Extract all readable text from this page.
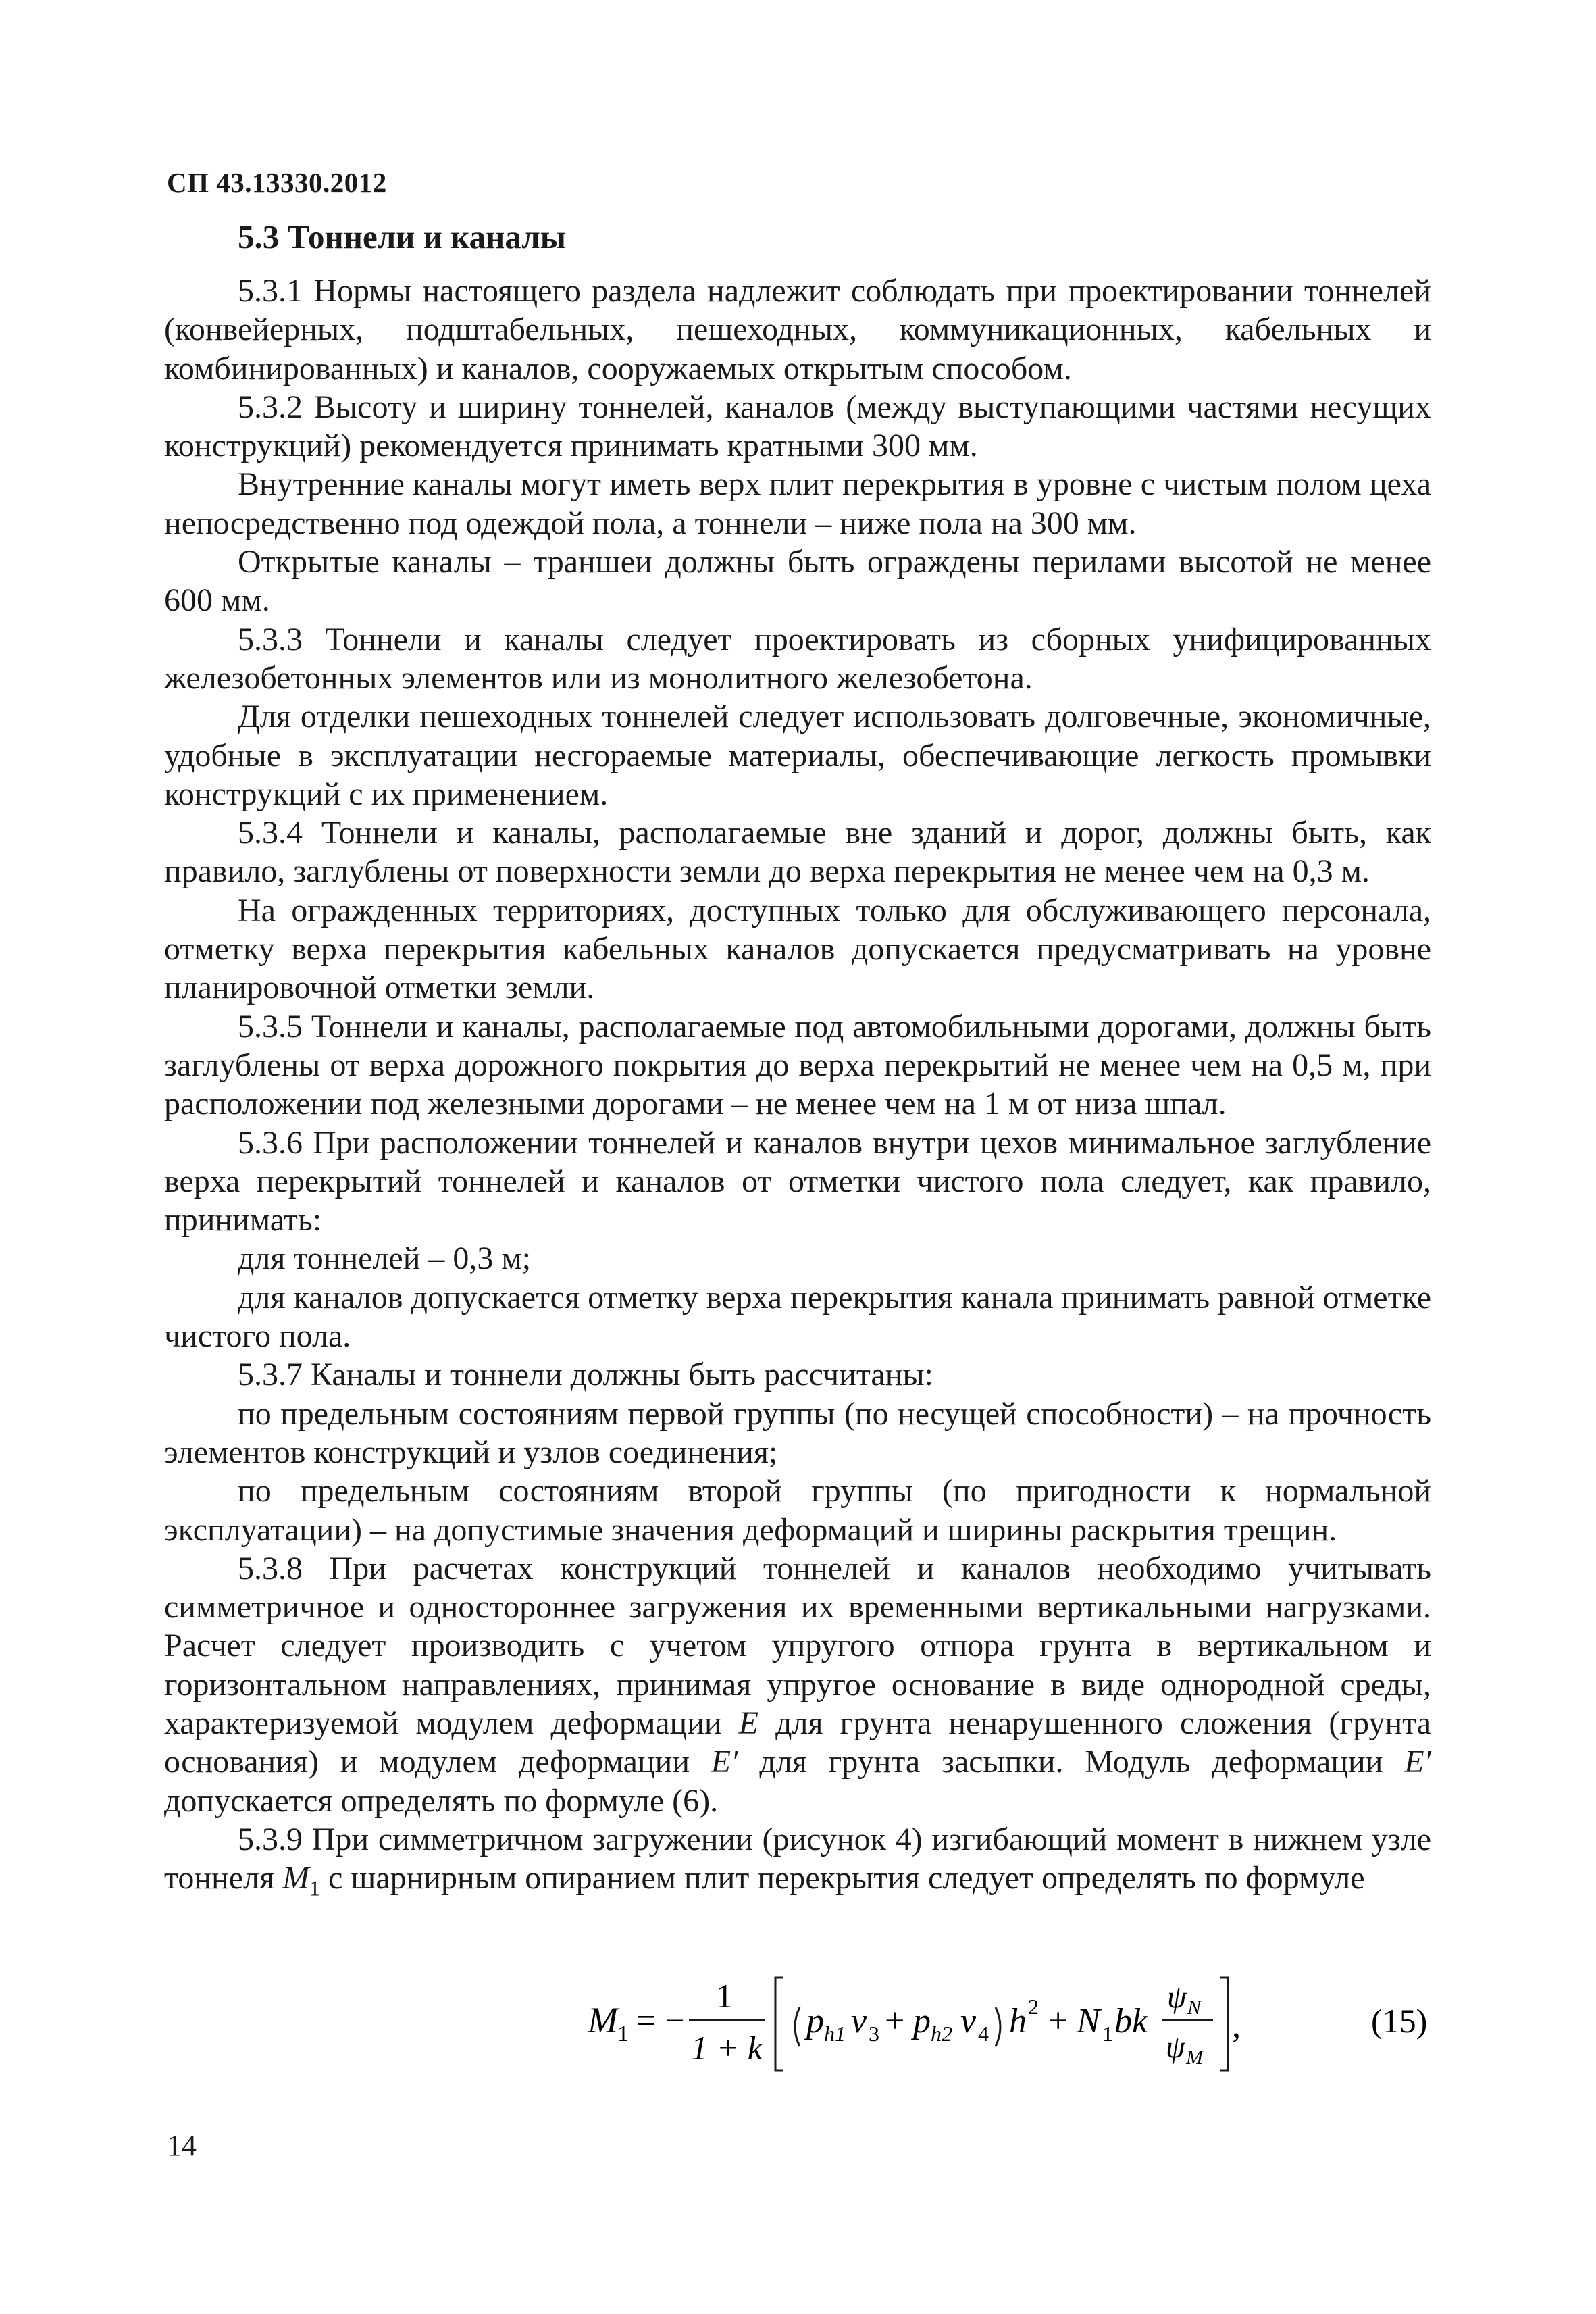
СП 43.13330.2012
5.3 Тоннели и каналы

5.3.1 Нормы настоящего раздела надлежит соблюдать при проектировании тоннелей (конвейерных, подштабельных, пешеходных, коммуникационных, кабельных и комбинированных) и каналов, сооружаемых открытым способом.

5.3.2 Высоту и ширину тоннелей, каналов (между выступающими частями несущих конструкций) рекомендуется принимать кратными 300 мм.

Внутренние каналы могут иметь верх плит перекрытия в уровне с чистым полом цеха непосредственно под одеждой пола, а тоннели – ниже пола на 300 мм.

Открытые каналы – траншеи должны быть ограждены перилами высотой не менее 600 мм.

5.3.3 Тоннели и каналы следует проектировать из сборных унифицированных железобетонных элементов или из монолитного железобетона.

Для отделки пешеходных тоннелей следует использовать долговечные, экономичные, удобные в эксплуатации несгораемые материалы, обеспечивающие легкость промывки конструкций с их применением.

5.3.4 Тоннели и каналы, располагаемые вне зданий и дорог, должны быть, как правило, заглублены от поверхности земли до верха перекрытия не менее чем на 0,3 м.

На огражденных территориях, доступных только для обслуживающего персонала, отметку верха перекрытия кабельных каналов допускается предусматривать на уровне планировочной отметки земли.

5.3.5 Тоннели и каналы, располагаемые под автомобильными дорогами, должны быть заглублены от верха дорожного покрытия до верха перекрытий не менее чем на 0,5 м, при расположении под железными дорогами – не менее чем на 1 м от низа шпал.

5.3.6 При расположении тоннелей и каналов внутри цехов минимальное заглубление верха перекрытий тоннелей и каналов от отметки чистого пола следует, как правило, принимать:

для тоннелей – 0,3 м;

для каналов допускается отметку верха перекрытия канала принимать равной отметке чистого пола.

5.3.7 Каналы и тоннели должны быть рассчитаны:

по предельным состояниям первой группы (по несущей способности) – на прочность элементов конструкций и узлов соединения;

по предельным состояниям второй группы (по пригодности к нормальной эксплуатации) – на допустимые значения деформаций и ширины раскрытия трещин.

5.3.8 При расчетах конструкций тоннелей и каналов необходимо учитывать симметричное и одностороннее загружения их временными вертикальными нагрузками. Расчет следует производить с учетом упругого отпора грунта в вертикальном и горизонтальном направлениях, принимая упругое основание в виде однородной среды, характеризуемой модулем деформации E для грунта ненарушенного сложения (грунта основания) и модулем деформации E′ для грунта засыпки. Модуль деформации E′ допускается определять по формуле (6).

5.3.9 При симметричном загружении (рисунок 4) изгибающий момент в нижнем узле тоннеля $M_1$ с шарнирным опиранием плит перекрытия следует определять по формуле

M 1 = −
1
1 + k
p h1 ν 3 + p h2 ν 4 h 2 + N 1 bk
ψ N
ψ M
,	(15)
14
